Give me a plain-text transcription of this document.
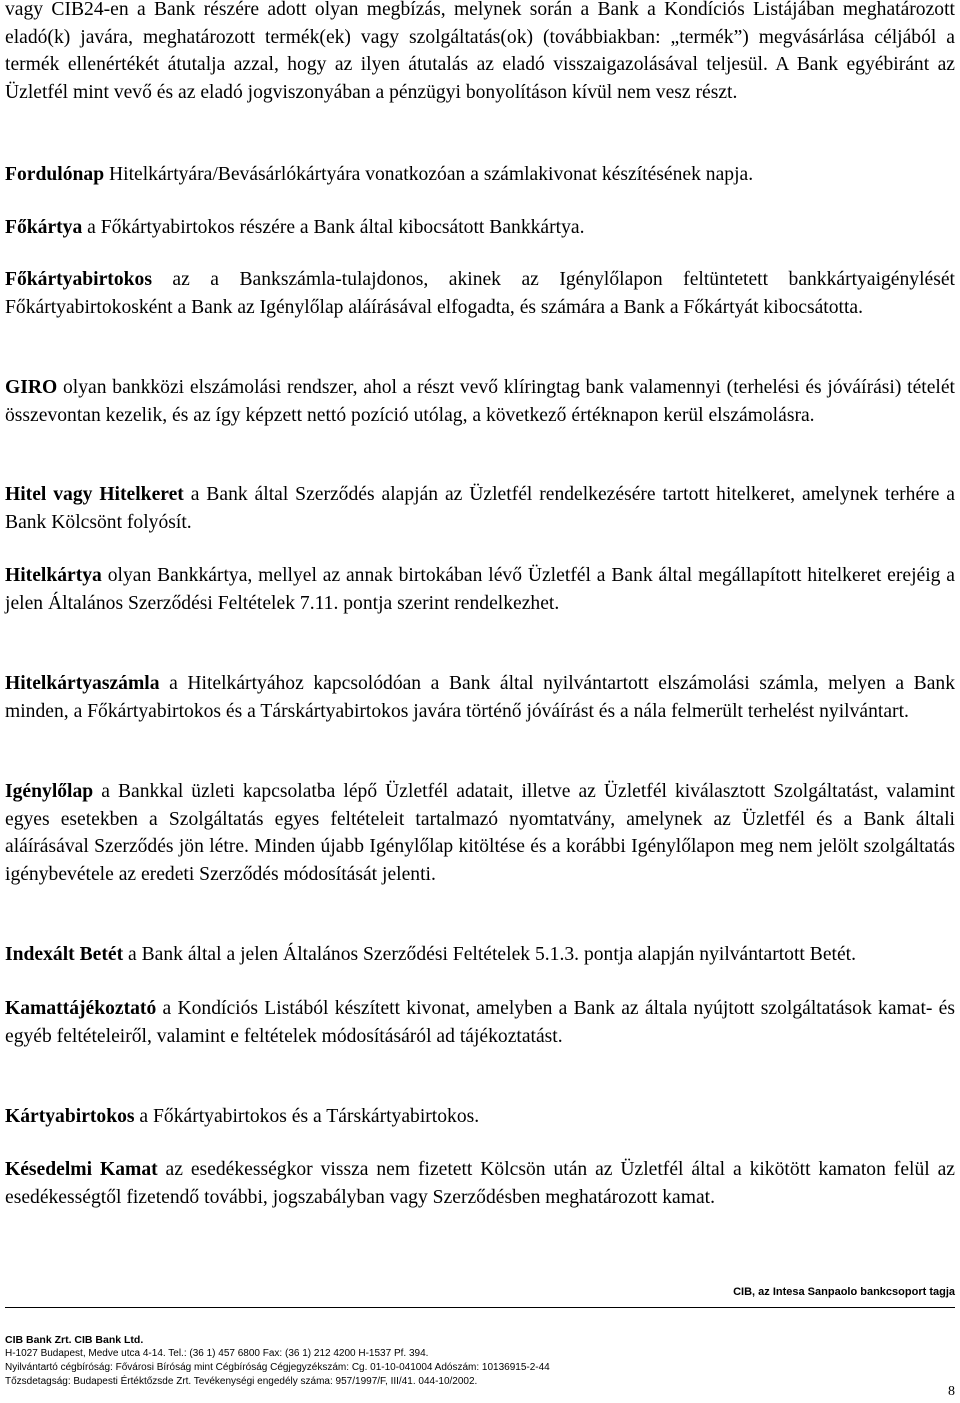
vagy CIB24-en a Bank részére adott olyan megbízás, melynek során a Bank a Kondíciós Listájában meghatározott eladó(k) javára, meghatározott termék(ek) vagy szolgáltatás(ok) (továbbiakban: „termék”) megvásárlása céljából a termék ellenértékét átutalja azzal, hogy az ilyen átutalás az eladó visszaigazolásával teljesül. A Bank egyébiránt az Üzletfél mint vevő és az eladó jogviszonyában a pénzügyi bonyolításon kívül nem vesz részt.

Fordulónap Hitelkártyára/Bevásárlókártyára vonatkozóan a számlakivonat készítésének napja.

Főkártya a Főkártyabirtokos részére a Bank által kibocsátott Bankkártya.

Főkártyabirtokos az a Bankszámla-tulajdonos, akinek az Igénylőlapon feltüntetett bankkártyaigénylését Főkártyabirtokosként a Bank az Igénylőlap aláírásával elfogadta, és számára a Bank a Főkártyát kibocsátotta.

GIRO olyan bankközi elszámolási rendszer, ahol a részt vevő klíringtag bank valamennyi (terhelési és jóváírási) tételét összevontan kezelik, és az így képzett nettó pozíció utólag, a következő értéknapon kerül elszámolásra.

Hitel vagy Hitelkeret a Bank által Szerződés alapján az Üzletfél rendelkezésére tartott hitelkeret, amelynek terhére a Bank Kölcsönt folyósít.

Hitelkártya olyan Bankkártya, mellyel az annak birtokában lévő Üzletfél a Bank által megállapított hitelkeret erejéig a jelen Általános Szerződési Feltételek 7.11. pontja szerint rendelkezhet.

Hitelkártyaszámla a Hitelkártyához kapcsolódóan a Bank által nyilvántartott elszámolási számla, melyen a Bank minden, a Főkártyabirtokos és a Társkártyabirtokos javára történő jóváírást és a nála felmerült terhelést nyilvántart.

Igénylőlap a Bankkal üzleti kapcsolatba lépő Üzletfél adatait, illetve az Üzletfél kiválasztott Szolgáltatást, valamint egyes esetekben a Szolgáltatás egyes feltételeit tartalmazó nyomtatvány, amelynek az Üzletfél és a Bank általi aláírásával Szerződés jön létre. Minden újabb Igénylőlap kitöltése és a korábbi Igénylőlapon meg nem jelölt szolgáltatás igénybevétele az eredeti Szerződés módosítását jelenti.

Indexált Betét a Bank által a jelen Általános Szerződési Feltételek 5.1.3. pontja alapján nyilvántartott Betét.

Kamattájékoztató a Kondíciós Listából készített kivonat, amelyben a Bank az általa nyújtott szolgáltatások kamat- és egyéb feltételeiről, valamint e feltételek módosításáról ad tájékoztatást.

Kártyabirtokos a Főkártyabirtokos és a Társkártyabirtokos.

Késedelmi Kamat az esedékességkor vissza nem fizetett Kölcsön után az Üzletfél által a kikötött kamaton felül az esedékességtől fizetendő további, jogszabályban vagy Szerződésben meghatározott kamat.

CIB, az Intesa Sanpaolo bankcsoport tagja
CIB Bank Zrt. CIB Bank Ltd.
H-1027 Budapest, Medve utca 4-14. Tel.: (36 1) 457 6800 Fax: (36 1) 212 4200 H-1537 Pf. 394.
Nyilvántartó cégbíróság: Fővárosi Bíróság mint Cégbíróság Cégjegyzékszám: Cg. 01-10-041004 Adószám: 10136915-2-44
Tőzsdetagság: Budapesti Értéktőzsde Zrt. Tevékenységi engedély száma: 957/1997/F, III/41. 044-10/2002.
8
